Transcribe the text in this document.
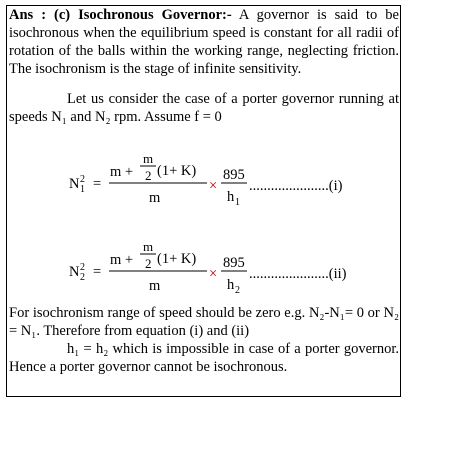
Ans : (c) Isochronous Governor:- A governor is said to be isochronous when the equilibrium speed is constant for all radii of rotation of the balls within the working range, neglecting friction. The isochronism is the stage of infinite sensitivity.
Let us consider the case of a porter governor running at speeds N₁ and N₂ rpm. Assume f = 0
N 1
2 =
m +
m
2 (1+ K)
m
×
895
h 1
......................(i)
N 2
2 =
m +
m
2 (1+ K)
m
×
895
h 2
......................(ii)
For isochronism range of speed should be zero e.g. N₂-N₁= 0 or N₂ = N₁. Therefore from equation (i) and (ii)
h₁ = h₂ which is impossible in case of a porter governor. Hence a porter governor cannot be isochronous.
